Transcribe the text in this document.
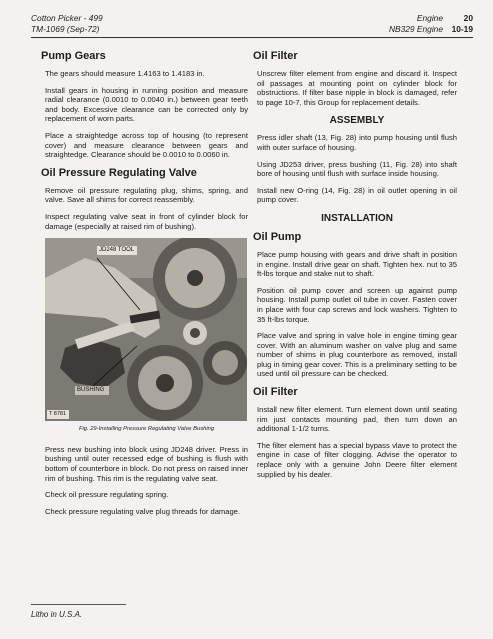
Cotton Picker - 499
TM-1069 (Sep-72)
Engine 20
NB329 Engine 10-19
Pump Gears

The gears should measure 1.4163 to 1.4183 in.

Install gears in housing in running position and measure radial clearance (0.0010 to 0.0040 in.) between gear teeth and body. Excessive clearance can be corrected only by replacement of worn parts.

Place a straightedge across top of housing (to represent cover) and measure clearance between gears and straightedge. Clearance should be 0.0010 to 0.0060 in.

Oil Pressure Regulating Valve

Remove oil pressure regulating plug, shims, spring, and valve. Save all shims for correct reassembly.

Inspect regulating valve seat in front of cylinder block for damage (especially at raised rim of bushing).

JD248 TOOL
BUSHING
T 8781
Fig. 29-Installing Pressure Regulating Valve Bushing

Press new bushing into block using JD248 driver. Press in bushing until outer recessed edge of bushing is flush with bottom of counterbore in block. Do not press on raised inner rim of bushing. This rim is the regulating valve seat.

Check oil pressure regulating spring.

Check pressure regulating valve plug threads for damage.

Oil Filter

Unscrew filter element from engine and discard it. Inspect oil passages at mounting point on cylinder block for obstructions. If filter base nipple in block is damaged, refer to page 10-7, this Group for replacement details.

ASSEMBLY

Press idler shaft (13, Fig. 28) into pump housing until flush with outer surface of housing.

Using JD253 driver, press bushing (11, Fig. 28) into shaft bore of housing until flush with surface inside housing.

Install new O-ring (14, Fig. 28) in oil outlet opening in oil pump cover.

INSTALLATION
Oil Pump

Place pump housing with gears and drive shaft in position in engine. Install drive gear on shaft. Tighten hex. nut to 35 ft-lbs torque and stake nut to shaft.

Position oil pump cover and screen up against pump housing. Install pump outlet oil tube in cover. Fasten cover in place with four cap screws and lock washers. Tighten to 35 ft-lbs torque.

Place valve and spring in valve hole in engine timing gear cover. With an aluminum washer on valve plug and same number of shims in plug counterbore as removed, install plug in timing gear cover. This is a preliminary setting to be used until oil pressure can be checked.

Oil Filter

Install new filter element. Turn element down until seating rim just contacts mounting pad, then turn down an additional 1-1/2 turns.

The filter element has a special bypass vlave to protect the engine in case of filter clogging. Advise the operator to replace only with a genuine John Deere filter element supplied by his dealer.

Litho in U.S.A.
